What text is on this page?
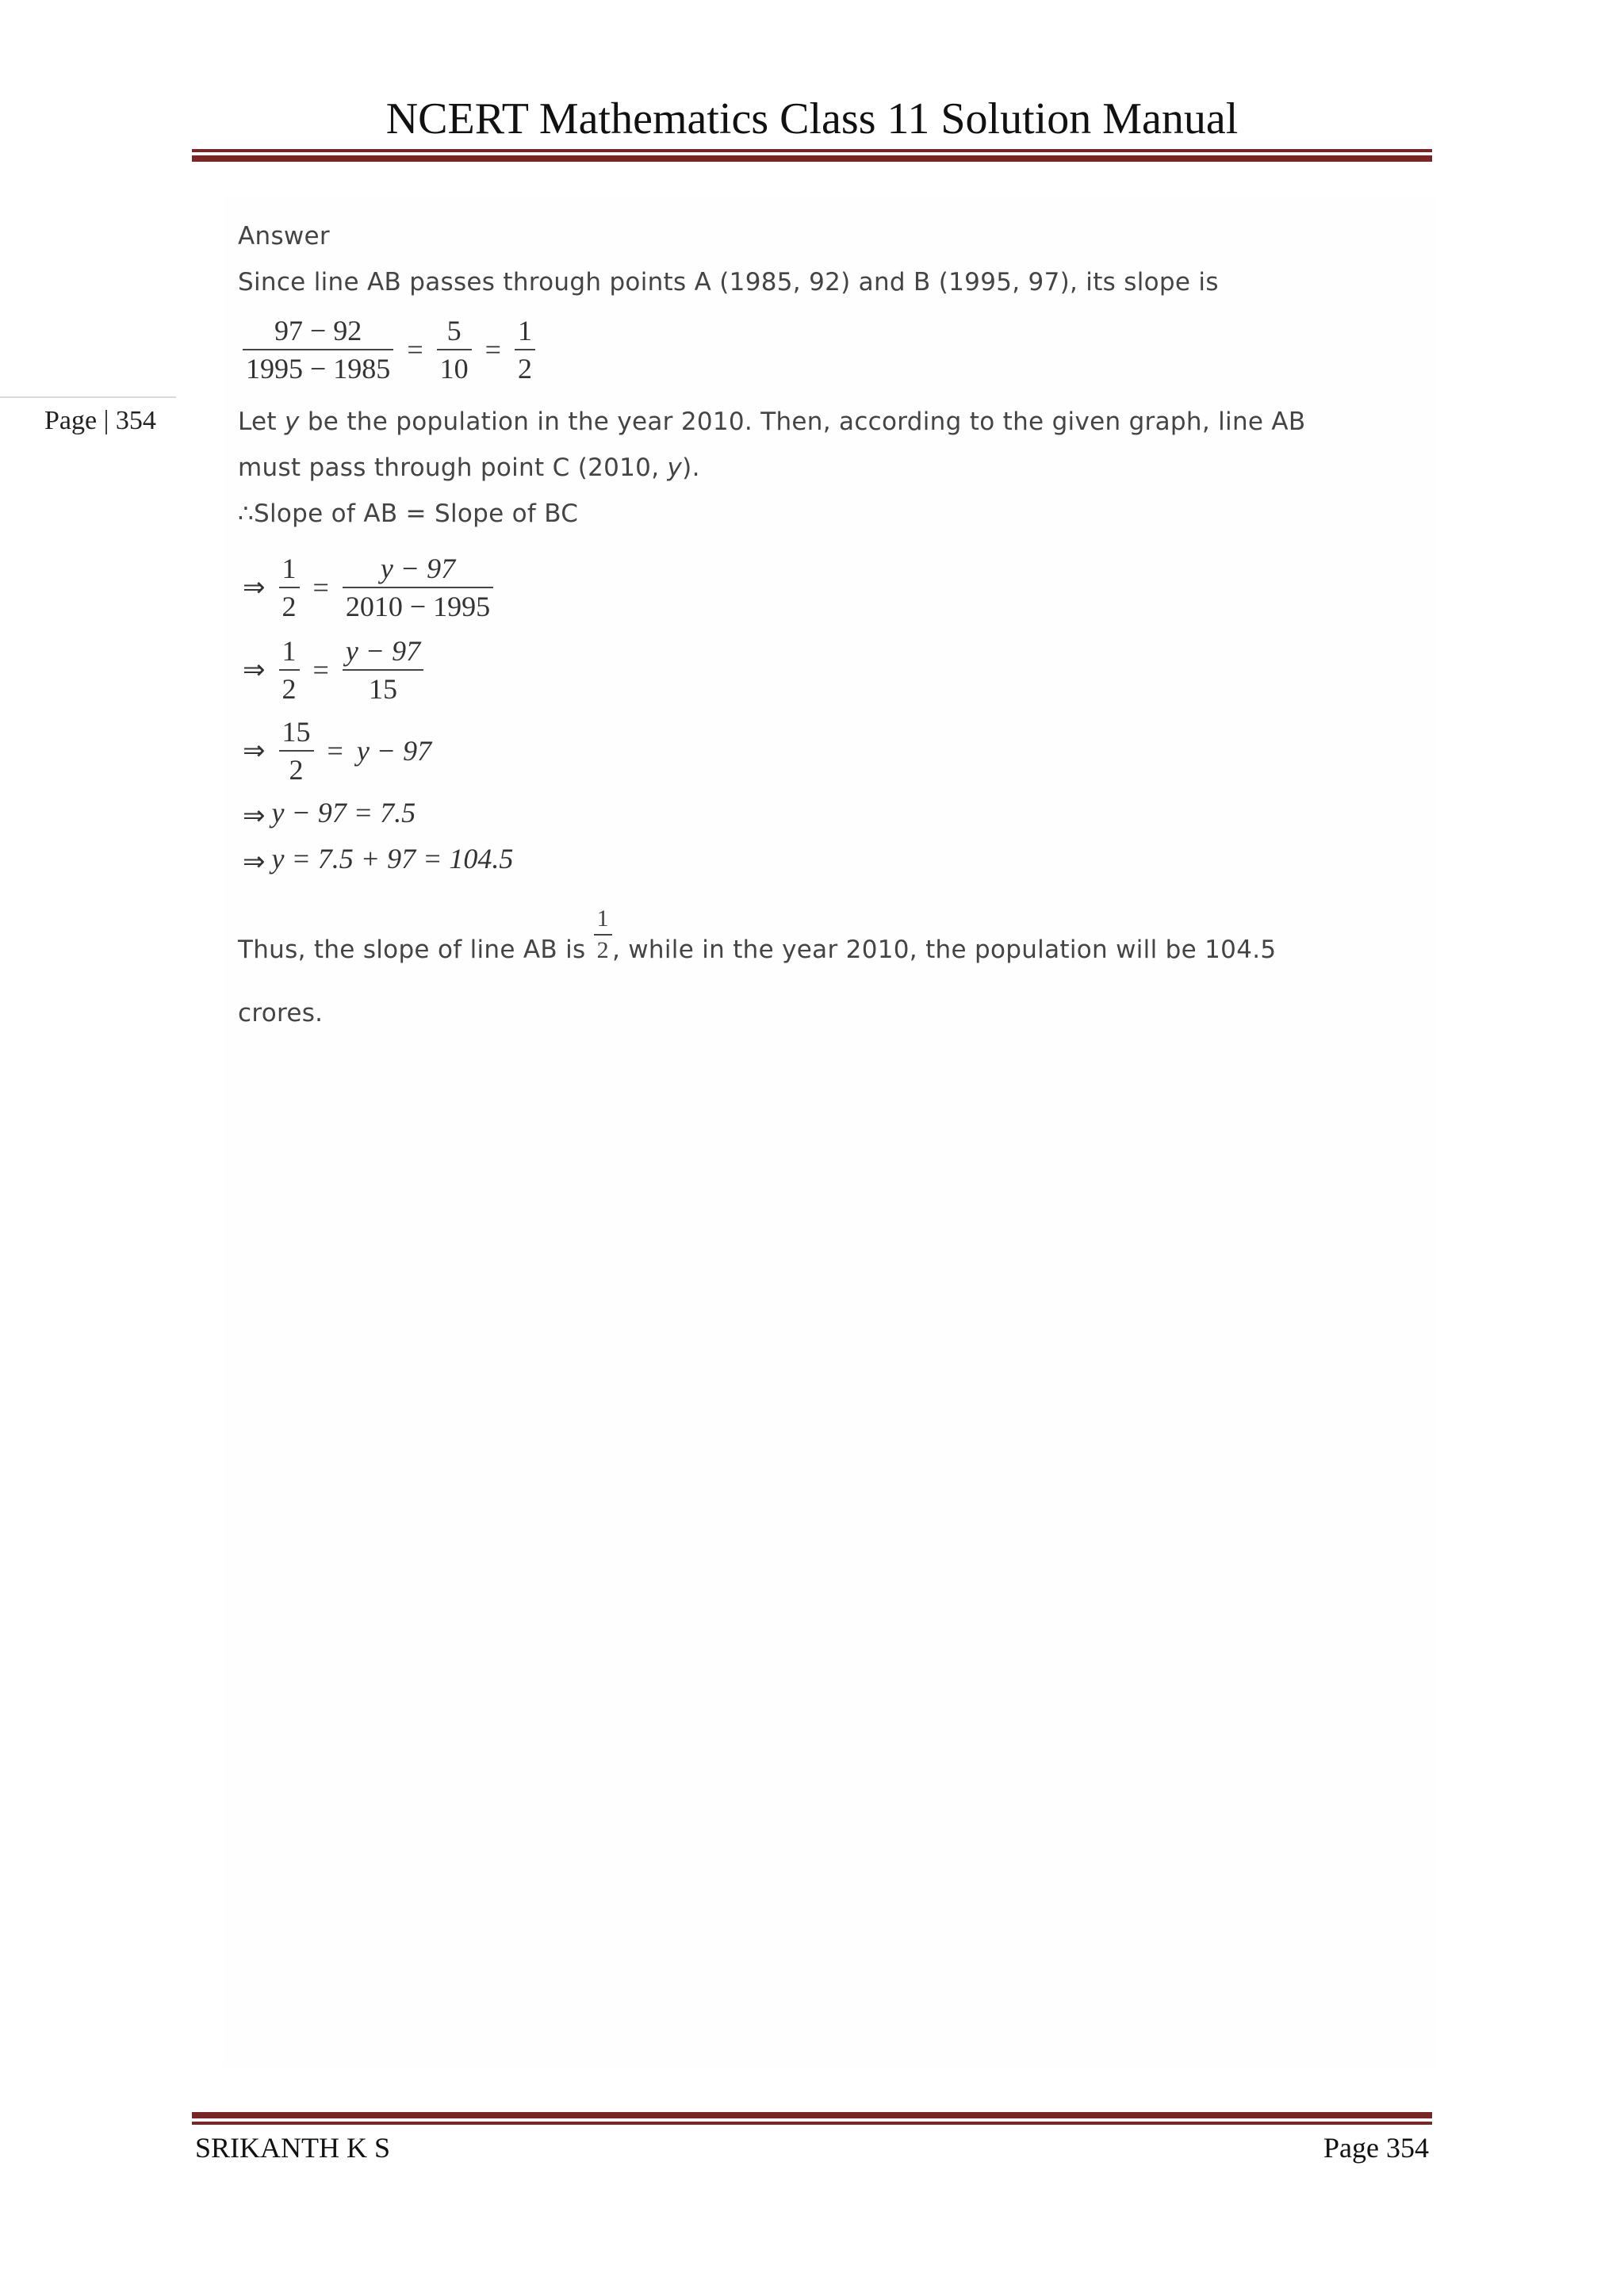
NCERT Mathematics Class 11 Solution Manual
Page | 354
Answer
Since line AB passes through points A (1985, 92) and B (1995, 97), its slope is
$\frac{97 - 92}{1995 - 1985} = \frac{5}{10} = \frac{1}{2}$
Let y be the population in the year 2010. Then, according to the given graph, line AB
must pass through point C (2010, y).
∴Slope of AB = Slope of BC
⇒ $\frac{1}{2} = \frac{y - 97}{2010 - 1995}$
⇒ $\frac{1}{2} = \frac{y - 97}{15}$
⇒ $\frac{15}{2} = y - 97$
⇒ y − 97 = 7.5
⇒ y = 7.5 + 97 = 104.5
Thus, the slope of line AB is $\frac{1}{2}$ , while in the year 2010, the population will be 104.5
crores.
SRIKANTH K S	Page 354
